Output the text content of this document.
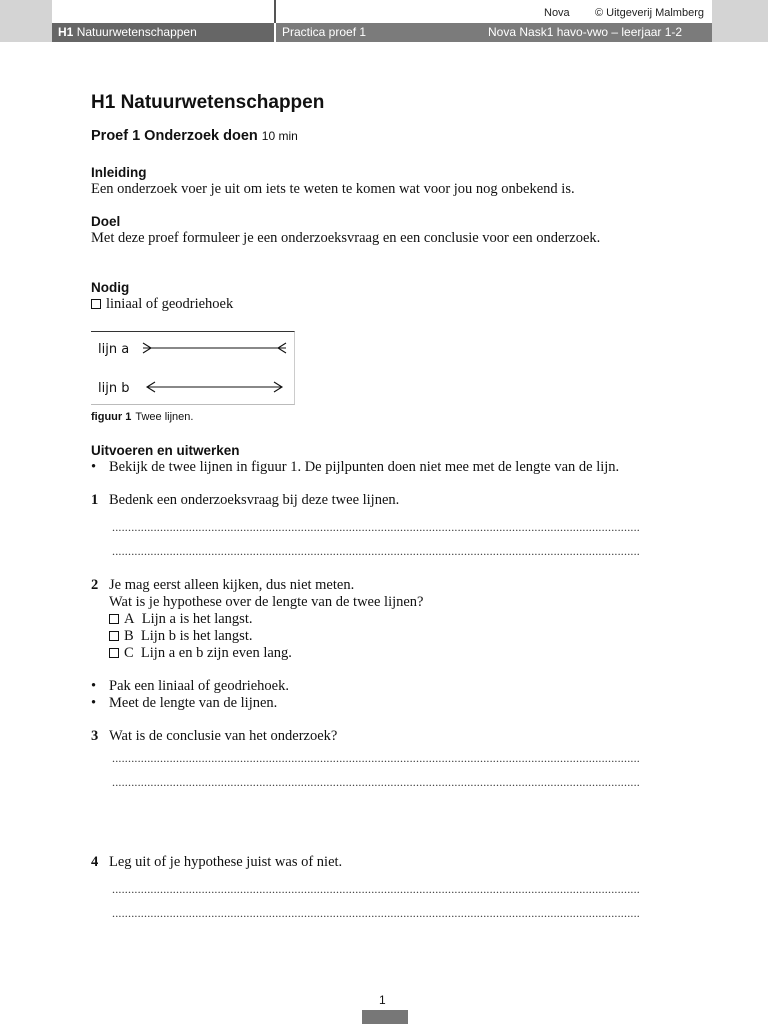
Nova © Uitgeverij Malmberg
H1 Natuurwetenschappen	Practica proef 1	Nova Nask1 havo-vwo – leerjaar 1-2
H1 Natuurwetenschappen
Proef 1 Onderzoek doen 10 min
Inleiding
Een onderzoek voer je uit om iets te weten te komen wat voor jou nog onbekend is.
Doel
Met deze proef formuleer je een onderzoeksvraag en een conclusie voor een onderzoek.
Nodig
liniaal of geodriehoek
lijn a
lijn b
figuur 1 Twee lijnen.
Uitvoeren en uitwerken
• Bekijk de twee lijnen in figuur 1. De pijlpunten doen niet mee met de lengte van de lijn.
1 Bedenk een onderzoeksvraag bij deze twee lijnen.
.....................................................................................................................................................................
.....................................................................................................................................................................
2 Je mag eerst alleen kijken, dus niet meten.
Wat is je hypothese over de lengte van de twee lijnen?
A Lijn a is het langst.
B Lijn b is het langst.
C Lijn a en b zijn even lang.
• Pak een liniaal of geodriehoek.
• Meet de lengte van de lijnen.
3 Wat is de conclusie van het onderzoek?
.....................................................................................................................................................................
.....................................................................................................................................................................
4 Leg uit of je hypothese juist was of niet.
.....................................................................................................................................................................
.....................................................................................................................................................................
1
